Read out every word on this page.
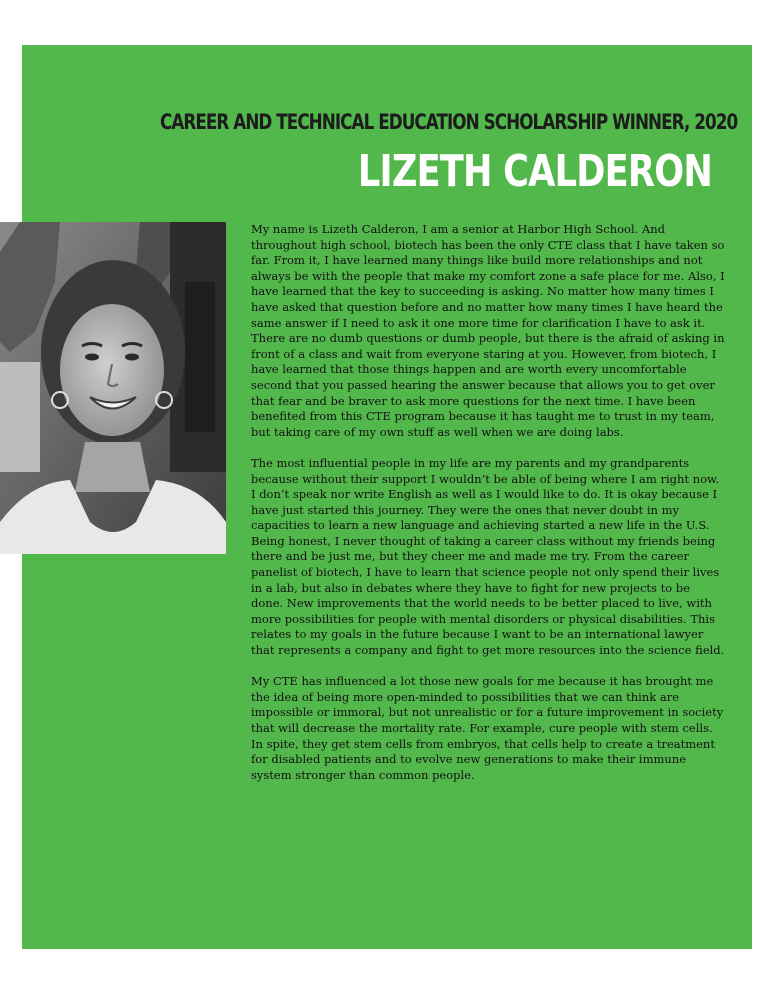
CAREER AND TECHNICAL EDUCATION SCHOLARSHIP WINNER, 2020
LIZETH CALDERON

My name is Lizeth Calderon, I am a senior at Harbor High School. And throughout high school, biotech has been the only CTE class that I have taken so far. From it, I have learned many things like build more relationships and not always be with the people that make my comfort zone a safe place for me. Also, I have learned that the key to succeeding is asking. No matter how many times I have asked that question before and no matter how many times I have heard the same answer if I need to ask it one more time for clarification I have to ask it. There are no dumb questions or dumb people, but there is the afraid of asking in front of a class and wait from everyone staring at you. However, from biotech, I have learned that those things happen and are worth every uncomfortable second that you passed hearing the answer because that allows you to get over that fear and be braver to ask more questions for the next time. I have been benefited from this CTE program because it has taught me to trust in my team, but taking care of my own stuff as well when we are doing labs.

The most influential people in my life are my parents and my grandparents because without their support I wouldn’t be able of being where I am right now. I don’t speak nor write English as well as I would like to do. It is okay because I have just started this journey. They were the ones that never doubt in my capacities to learn a new language and achieving started a new life in the U.S. Being honest, I never thought of taking a career class without my friends being there and be just me, but they cheer me and made me try. From the career panelist of biotech, I have to learn that science people not only spend their lives in a lab, but also in debates where they have to fight for new projects to be done. New improvements that the world needs to be better placed to live, with more possibilities for people with mental disorders or physical disabilities. This relates to my goals in the future because I want to be an international lawyer that represents a company and fight to get more resources into the science field.

My CTE has influenced a lot those new goals for me because it has brought me the idea of being more open-minded to possibilities that we can think are impossible or immoral, but not unrealistic or for a future improvement in society that will decrease the mortality rate. For example, cure people with stem cells. In spite, they get stem cells from embryos, that cells help to create a treatment for disabled patients and to evolve new generations to make their immune system stronger than common people.
